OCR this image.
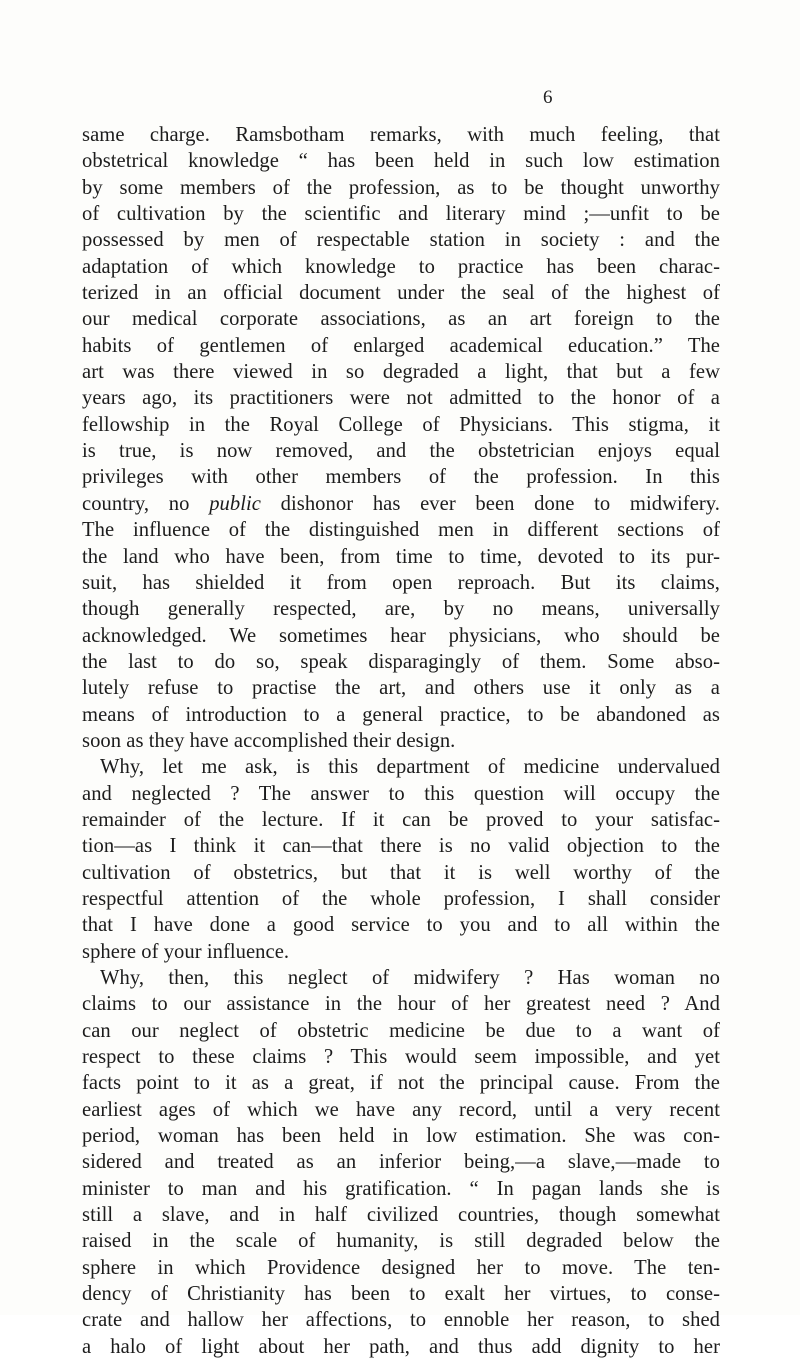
6
same charge. Ramsbotham remarks, with much feeling, that
obstetrical knowledge “ has been held in such low estimation
by some members of the profession, as to be thought unworthy
of cultivation by the scientific and literary mind ;—unfit to be
possessed by men of respectable station in society : and the
adaptation of which knowledge to practice has been charac-
terized in an official document under the seal of the highest of
our medical corporate associations, as an art foreign to the
habits of gentlemen of enlarged academical education.” The
art was there viewed in so degraded a light, that but a few
years ago, its practitioners were not admitted to the honor of a
fellowship in the Royal College of Physicians. This stigma, it
is true, is now removed, and the obstetrician enjoys equal
privileges with other members of the profession. In this
country, no public dishonor has ever been done to midwifery.
The influence of the distinguished men in different sections of
the land who have been, from time to time, devoted to its pur-
suit, has shielded it from open reproach. But its claims,
though generally respected, are, by no means, universally
acknowledged. We sometimes hear physicians, who should be
the last to do so, speak disparagingly of them. Some abso-
lutely refuse to practise the art, and others use it only as a
means of introduction to a general practice, to be abandoned as
soon as they have accomplished their design.
Why, let me ask, is this department of medicine undervalued
and neglected ? The answer to this question will occupy the
remainder of the lecture. If it can be proved to your satisfac-
tion—as I think it can—that there is no valid objection to the
cultivation of obstetrics, but that it is well worthy of the
respectful attention of the whole profession, I shall consider
that I have done a good service to you and to all within the
sphere of your influence.
Why, then, this neglect of midwifery ? Has woman no
claims to our assistance in the hour of her greatest need ? And
can our neglect of obstetric medicine be due to a want of
respect to these claims ? This would seem impossible, and yet
facts point to it as a great, if not the principal cause. From the
earliest ages of which we have any record, until a very recent
period, woman has been held in low estimation. She was con-
sidered and treated as an inferior being,—a slave,—made to
minister to man and his gratification. “ In pagan lands she is
still a slave, and in half civilized countries, though somewhat
raised in the scale of humanity, is still degraded below the
sphere in which Providence designed her to move. The ten-
dency of Christianity has been to exalt her virtues, to conse-
crate and hallow her affections, to ennoble her reason, to shed
a halo of light about her path, and thus add dignity to her
